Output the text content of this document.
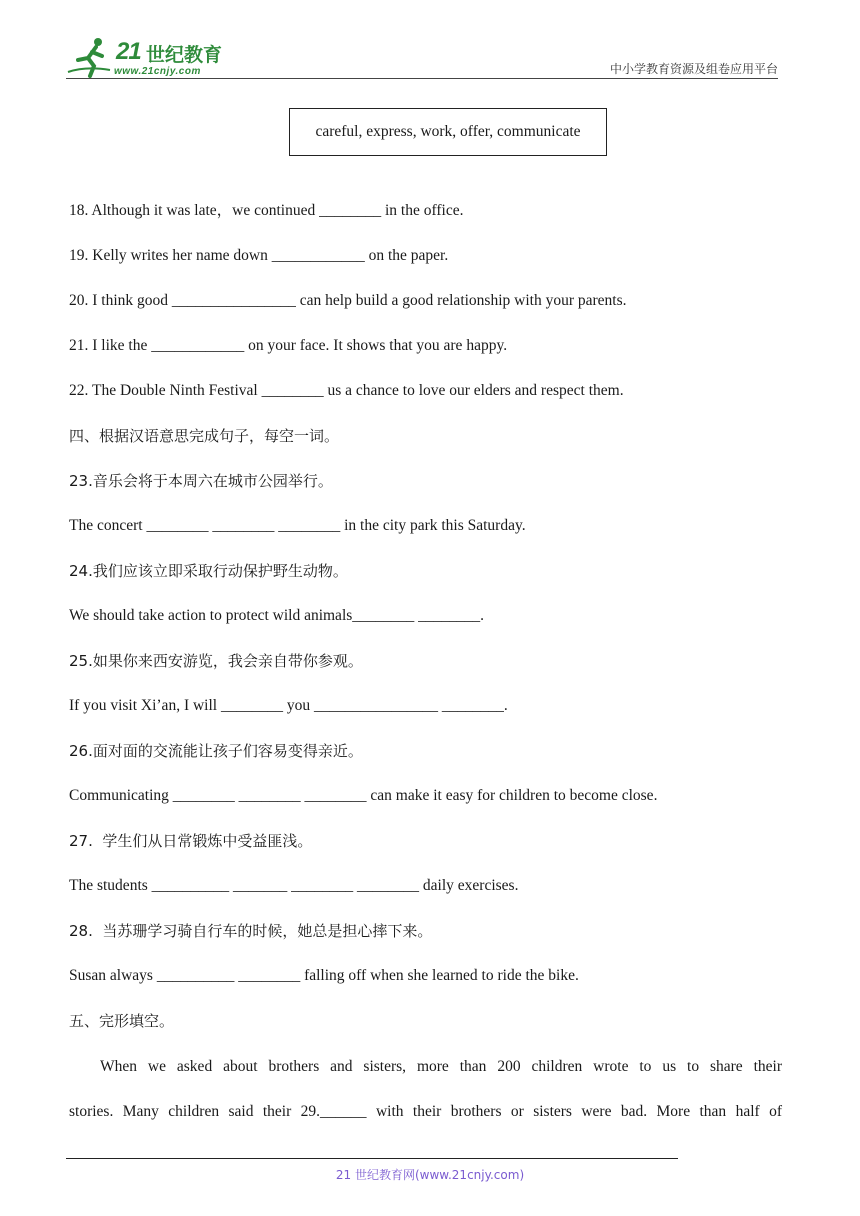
21 世纪教育
www.21cnjy.com	中小学教育资源及组卷应用平台
careful, express, work, offer, communicate
18. Although it was late，we continued ________ in the office.
19. Kelly writes her name down ____________ on the paper.
20. I think good ________________ can help build a good relationship with your parents.
21. I like the ____________ on your face. It shows that you are happy.
22. The Double Ninth Festival ________ us a chance to love our elders and respect them.
四、根据汉语意思完成句子，每空一词。
23.音乐会将于本周六在城市公园举行。
The concert ________ ________ ________ in the city park this Saturday.
24.我们应该立即采取行动保护野生动物。
We should take action to protect wild animals________ ________.
25.如果你来西安游览，我会亲自带你参观。
If you visit Xi’an, I will ________ you ________________ ________.
26.面对面的交流能让孩子们容易变得亲近。
Communicating ________ ________ ________ can make it easy for children to become close.
27.  学生们从日常锻炼中受益匪浅。
The students __________ _______ ________ ________ daily exercises.
28.  当苏珊学习骑自行车的时候，她总是担心摔下来。
Susan always __________ ________ falling off when she learned to ride the bike.
五、完形填空。
When we asked about brothers and sisters, more than 200 children wrote to us to share their
stories. Many children said their 29.______ with their brothers or sisters were bad. More than half of
21 世纪教育网(www.21cnjy.com)
